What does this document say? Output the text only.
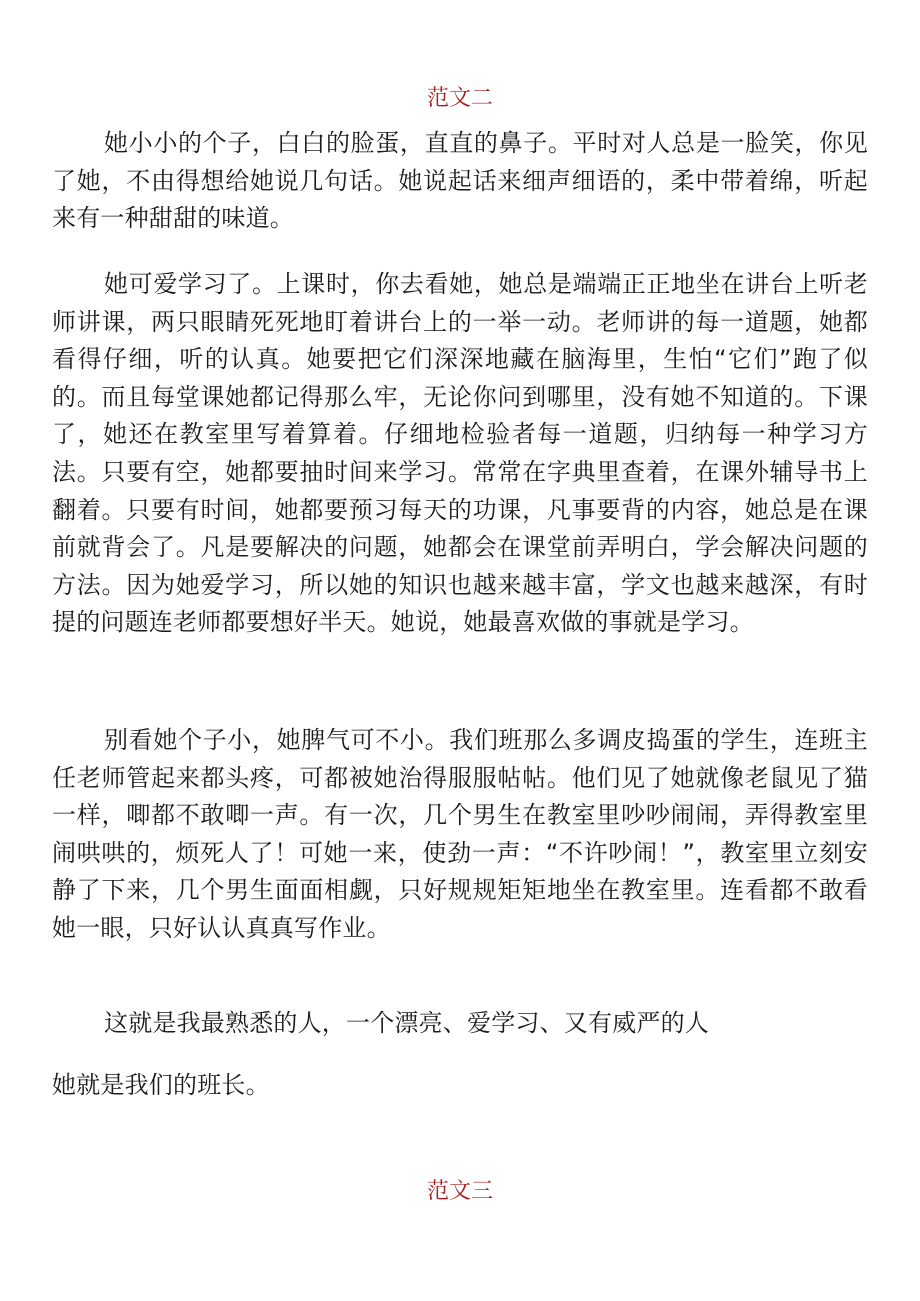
范文二

她小小的个子，白白的脸蛋，直直的鼻子。平时对人总是一脸笑，你见了她，不由得想给她说几句话。她说起话来细声细语的，柔中带着绵，听起来有一种甜甜的味道。

她可爱学习了。上课时，你去看她，她总是端端正正地坐在讲台上听老师讲课，两只眼睛死死地盯着讲台上的一举一动。老师讲的每一道题，她都看得仔细，听的认真。她要把它们深深地藏在脑海里，生怕“它们”跑了似的。而且每堂课她都记得那么牢，无论你问到哪里，没有她不知道的。下课了，她还在教室里写着算着。仔细地检验者每一道题，归纳每一种学习方法。只要有空，她都要抽时间来学习。常常在字典里查着，在课外辅导书上翻着。只要有时间，她都要预习每天的功课，凡事要背的内容，她总是在课前就背会了。凡是要解决的问题，她都会在课堂前弄明白，学会解决问题的方法。因为她爱学习，所以她的知识也越来越丰富，学文也越来越深，有时提的问题连老师都要想好半天。她说，她最喜欢做的事就是学习。

别看她个子小，她脾气可不小。我们班那么多调皮捣蛋的学生，连班主任老师管起来都头疼，可都被她治得服服帖帖。他们见了她就像老鼠见了猫一样，唧都不敢唧一声。有一次，几个男生在教室里吵吵闹闹，弄得教室里闹哄哄的，烦死人了！可她一来，使劲一声：“不许吵闹！”，教室里立刻安静了下来，几个男生面面相觑，只好规规矩矩地坐在教室里。连看都不敢看她一眼，只好认认真真写作业。

这就是我最熟悉的人，一个漂亮、爱学习、又有威严的人

她就是我们的班长。

范文三
